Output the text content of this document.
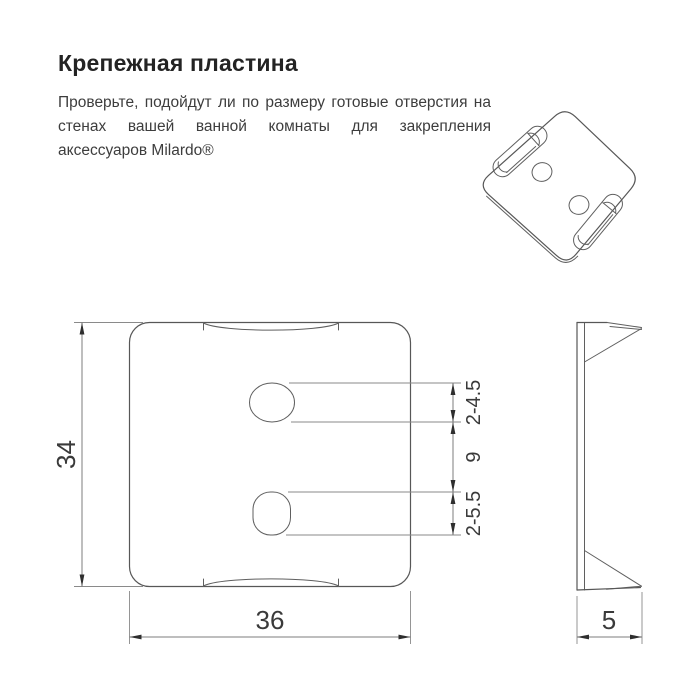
Крепежная пластина

Проверьте, подойдут ли по размеру готовые отверстия на стенах вашей ванной комнаты для закрепления аксессуаров Milardo®

34
36
2-4.5
9
2-5.5
5
